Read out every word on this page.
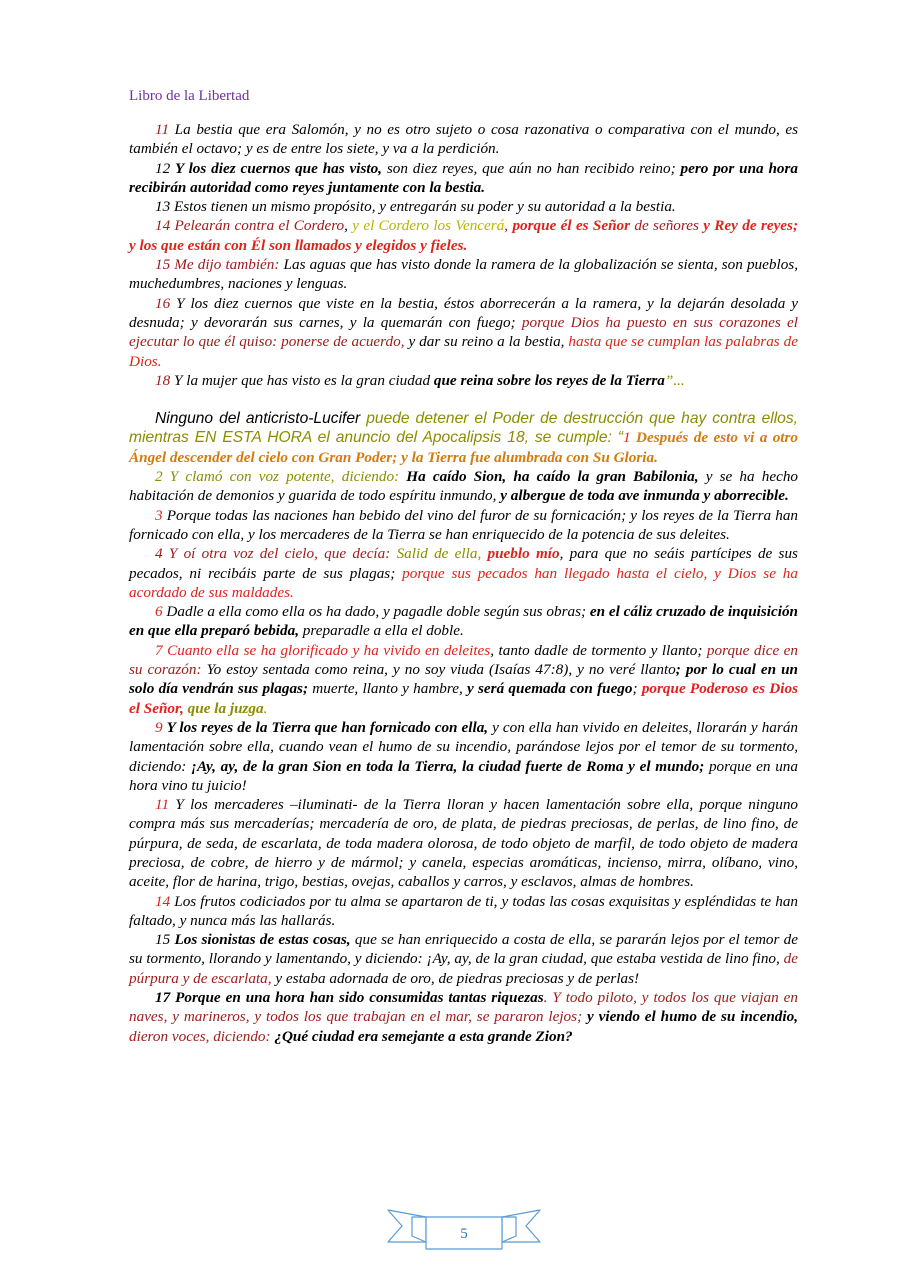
Libro de la Libertad

11 La bestia que era Salomón, y no es otro sujeto o cosa razonativa o comparativa con el mundo, es también el octavo; y es de entre los siete, y va a la perdición.

12 Y los diez cuernos que has visto, son diez reyes, que aún no han recibido reino; pero por una hora recibirán autoridad como reyes juntamente con la bestia.

13 Estos tienen un mismo propósito, y entregarán su poder y su autoridad a la bestia.

14 Pelearán contra el Cordero, y el Cordero los Vencerá, porque él es Señor de señores y Rey de reyes; y los que están con Él son llamados y elegidos y fieles.

15 Me dijo también: Las aguas que has visto donde la ramera de la globalización se sienta, son pueblos, muchedumbres, naciones y lenguas.

16 Y los diez cuernos que viste en la bestia, éstos aborrecerán a la ramera, y la dejarán desolada y desnuda; y devorarán sus carnes, y la quemarán con fuego; porque Dios ha puesto en sus corazones el ejecutar lo que él quiso: ponerse de acuerdo, y dar su reino a la bestia, hasta que se cumplan las palabras de Dios.

18 Y la mujer que has visto es la gran ciudad que reina sobre los reyes de la Tierra”...

Ninguno del anticristo-Lucifer puede detener el Poder de destrucción que hay contra ellos, mientras EN ESTA HORA el anuncio del Apocalipsis 18, se cumple: “1 Después de esto vi a otro Ángel descender del cielo con Gran Poder; y la Tierra fue alumbrada con Su Gloria.

2 Y clamó con voz potente, diciendo: Ha caído Sion, ha caído la gran Babilonia, y se ha hecho habitación de demonios y guarida de todo espíritu inmundo, y albergue de toda ave inmunda y aborrecible.

3 Porque todas las naciones han bebido del vino del furor de su fornicación; y los reyes de la Tierra han fornicado con ella, y los mercaderes de la Tierra se han enriquecido de la potencia de sus deleites.

4 Y oí otra voz del cielo, que decía: Salid de ella, pueblo mío, para que no seáis partícipes de sus pecados, ni recibáis parte de sus plagas; porque sus pecados han llegado hasta el cielo, y Dios se ha acordado de sus maldades.

6 Dadle a ella como ella os ha dado, y pagadle doble según sus obras; en el cáliz cruzado de inquisición en que ella preparó bebida, preparadle a ella el doble.

7 Cuanto ella se ha glorificado y ha vivido en deleites, tanto dadle de tormento y llanto; porque dice en su corazón: Yo estoy sentada como reina, y no soy viuda (Isaías 47:8), y no veré llanto; por lo cual en un solo día vendrán sus plagas; muerte, llanto y hambre, y será quemada con fuego; porque Poderoso es Dios el Señor, que la juzga.

9 Y los reyes de la Tierra que han fornicado con ella, y con ella han vivido en deleites, llorarán y harán lamentación sobre ella, cuando vean el humo de su incendio, parándose lejos por el temor de su tormento, diciendo: ¡Ay, ay, de la gran Sion en toda la Tierra, la ciudad fuerte de Roma y el mundo; porque en una hora vino tu juicio!

11 Y los mercaderes –iluminati- de la Tierra lloran y hacen lamentación sobre ella, porque ninguno compra más sus mercaderías; mercadería de oro, de plata, de piedras preciosas, de perlas, de lino fino, de púrpura, de seda, de escarlata, de toda madera olorosa, de todo objeto de marfil, de todo objeto de madera preciosa, de cobre, de hierro y de mármol; y canela, especias aromáticas, incienso, mirra, olíbano, vino, aceite, flor de harina, trigo, bestias, ovejas, caballos y carros, y esclavos, almas de hombres.

14 Los frutos codiciados por tu alma se apartaron de ti, y todas las cosas exquisitas y espléndidas te han faltado, y nunca más las hallarás.

15 Los sionistas de estas cosas, que se han enriquecido a costa de ella, se pararán lejos por el temor de su tormento, llorando y lamentando, y diciendo: ¡Ay, ay, de la gran ciudad, que estaba vestida de lino fino, de púrpura y de escarlata, y estaba adornada de oro, de piedras preciosas y de perlas!

17 Porque en una hora han sido consumidas tantas riquezas. Y todo piloto, y todos los que viajan en naves, y marineros, y todos los que trabajan en el mar, se pararon lejos; y viendo el humo de su incendio, dieron voces, diciendo: ¿Qué ciudad era semejante a esta grande Zion?

5
